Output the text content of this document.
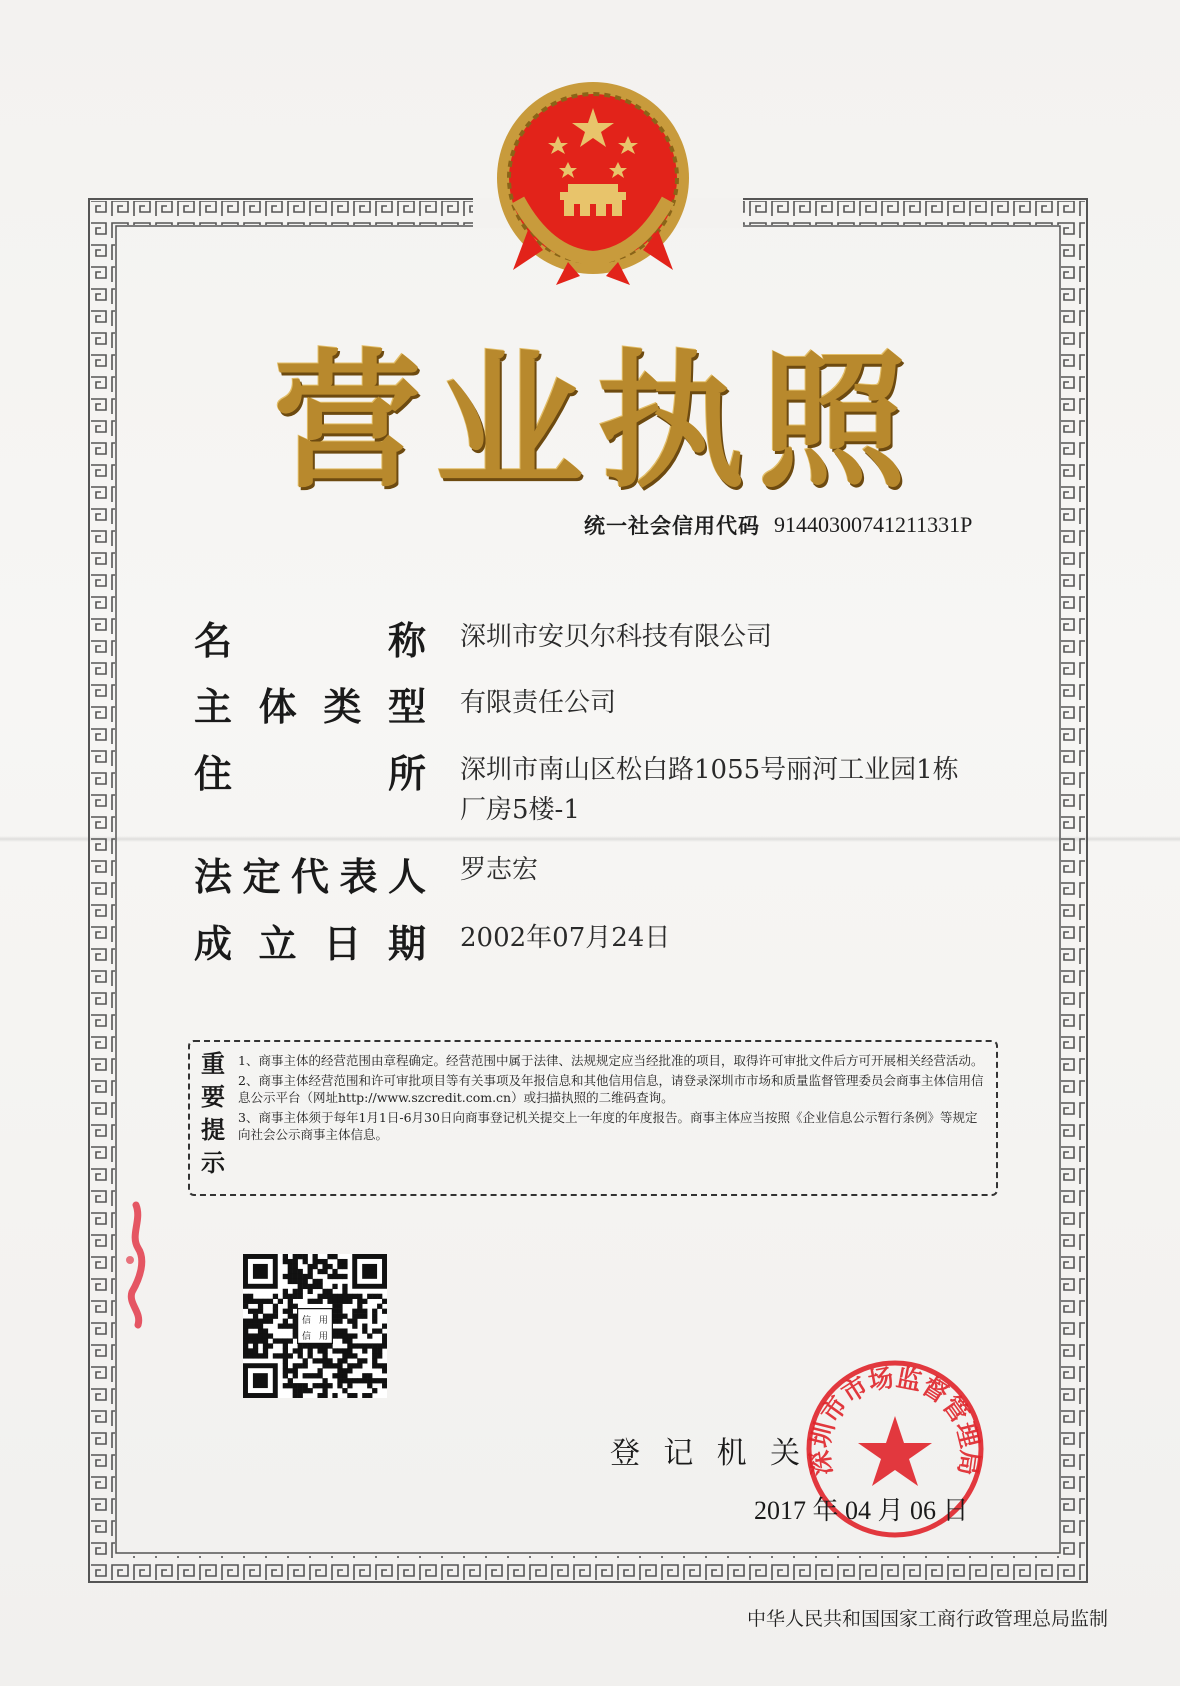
营 业 执 照
统一社会信用代码 91440300741211331P
名	称 深圳市安贝尔科技有限公司
主 体 类 型 有限责任公司
住	所 深圳市南山区松白路1055号丽河工业园1栋
厂房5楼-1
法 定 代 表 人 罗志宏
成 立 日 期 2002年07月24日
重
要
提
示

1、商事主体的经营范围由章程确定。经营范围中属于法律、法规规定应当经批准的项目，取得许可审批文件后方可开展相关经营活动。

2、商事主体经营范围和许可审批项目等有关事项及年报信息和其他信用信息，请登录深圳市市场和质量监督管理委员会商事主体信用信息公示平台（网址http://www.szcredit.com.cn）或扫描执照的二维码查询。

3、商事主体须于每年1月1日-6月30日向商事登记机关提交上一年度的年度报告。商事主体应当按照《企业信息公示暂行条例》等规定向社会公示商事主体信息。

信 用
信 用
登 记 机 关 深圳市市场监督管理局
2017 年 04 月 06 日
中华人民共和国国家工商行政管理总局监制
